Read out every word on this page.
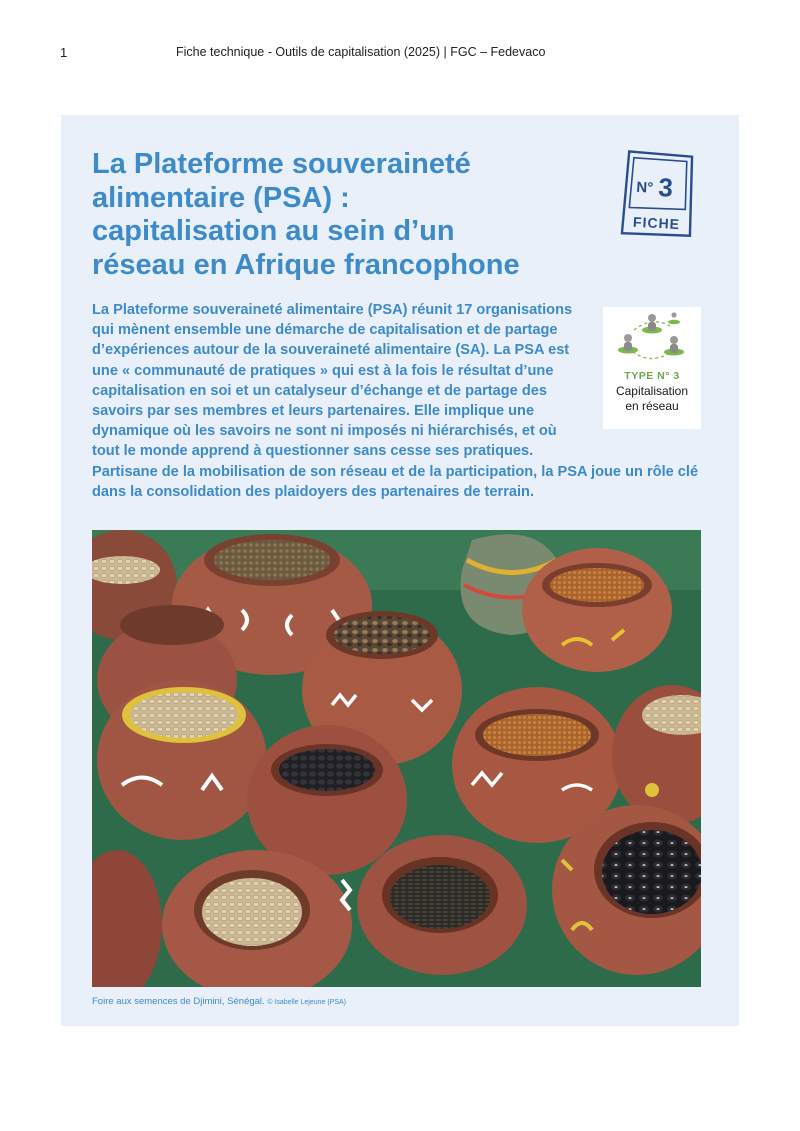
1	Fiche technique - Outils de capitalisation (2025) | FGC – Fedevaco
La Plateforme souveraineté
alimentaire (PSA) :
capitalisation au sein d’un
réseau en Afrique francophone
N° 3
FICHE

La Plateforme souveraineté alimentaire (PSA) réunit 17 organisations qui mènent ensemble une démarche de capitalisation et de partage d’expériences autour de la souveraineté alimentaire (SA). La PSA est une « communauté de pratiques » qui est à la fois le résultat d’une capitalisation en soi et un catalyseur d’échange et de partage des savoirs par ses membres et leurs partenaires. Elle implique une dynamique où les savoirs ne sont ni imposés ni hiérarchisés, et où tout le monde apprend à questionner sans cesse ses pratiques. Partisane de la mobilisation de son réseau et de la participation, la PSA joue un rôle clé dans la consolidation des plaidoyers des partenaires de terrain.

TYPE N° 3
Capitalisation
en réseau
Foire aux semences de Djimini, Sénégal. © Isabelle Lejeune (PSA)
